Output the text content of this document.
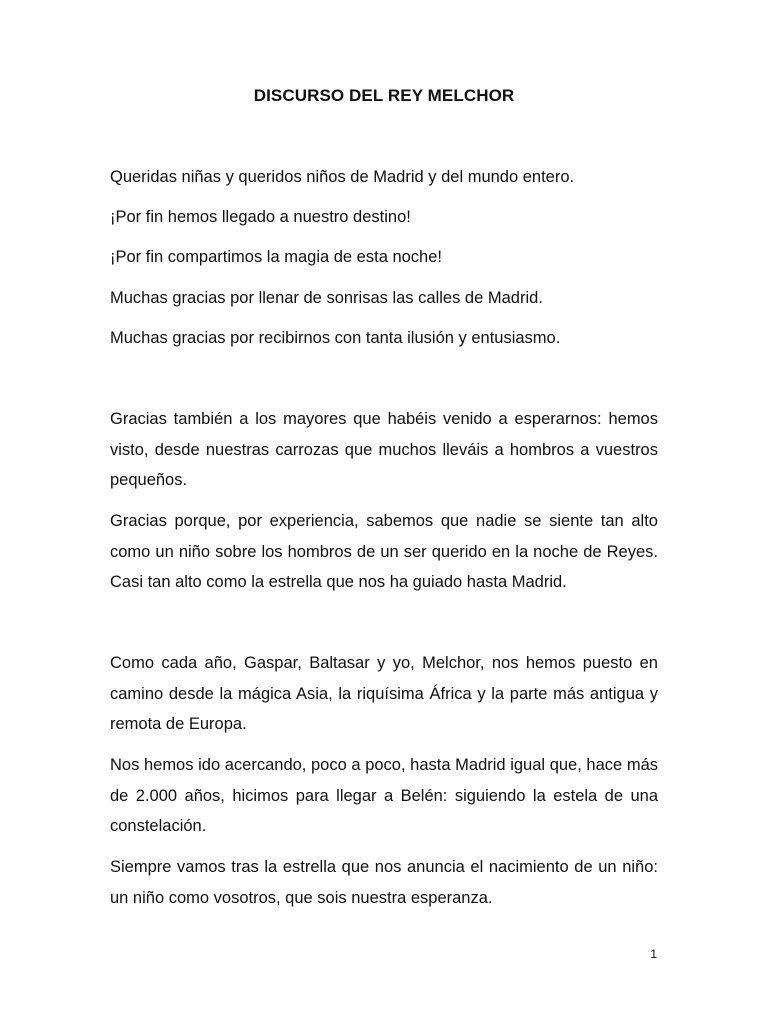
DISCURSO DEL REY MELCHOR

Queridas niñas y queridos niños de Madrid y del mundo entero.

¡Por fin hemos llegado a nuestro destino!

¡Por fin compartimos la magia de esta noche!

Muchas gracias por llenar de sonrisas las calles de Madrid.

Muchas gracias por recibirnos con tanta ilusión y entusiasmo.

Gracias también a los mayores que habéis venido a esperarnos: hemos visto, desde nuestras carrozas que muchos lleváis a hombros a vuestros pequeños.

Gracias porque, por experiencia, sabemos que nadie se siente tan alto como un niño sobre los hombros de un ser querido en la noche de Reyes. Casi tan alto como la estrella que nos ha guiado hasta Madrid.

Como cada año, Gaspar, Baltasar y yo, Melchor, nos hemos puesto en camino desde la mágica Asia, la riquísima África y la parte más antigua y remota de Europa.

Nos hemos ido acercando, poco a poco, hasta Madrid igual que, hace más de 2.000 años, hicimos para llegar a Belén: siguiendo la estela de una constelación.

Siempre vamos tras la estrella que nos anuncia el nacimiento de un niño: un niño como vosotros, que sois nuestra esperanza.

1
